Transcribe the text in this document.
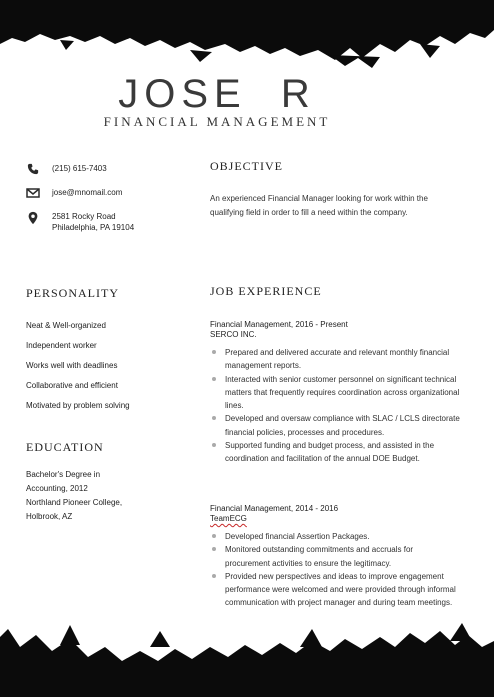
JOSE  R
FINANCIAL MANAGEMENT
(215) 615-7403
jose@mnomail.com
2581 Rocky Road
Philadelphia, PA 19104
OBJECTIVE
An experienced Financial Manager looking for work within the qualifying field in order to fill a need within the company.
PERSONALITY
Neat & Well-organized
Independent worker
Works well with deadlines
Collaborative and efficient
Motivated by problem solving
EDUCATION
Bachelor's Degree in
Accounting, 2012
Northland Pioneer College,
Holbrook, AZ
JOB EXPERIENCE
Financial Management, 2016 - Present
SERCO INC.
Prepared and delivered accurate and relevant monthly financial management reports.
Interacted with senior customer personnel on significant technical matters that frequently requires coordination across organizational lines.
Developed and oversaw compliance with SLAC / LCLS directorate financial policies, processes and procedures.
Supported funding and budget process, and assisted in the coordination and facilitation of the annual DOE Budget.
Financial Management, 2014 - 2016
TeamECG
Developed financial Assertion Packages.
Monitored outstanding commitments and accruals for procurement activities to ensure the legitimacy.
Provided new perspectives and ideas to improve engagement performance were welcomed and were provided through informal communication with project manager and during team meetings.
